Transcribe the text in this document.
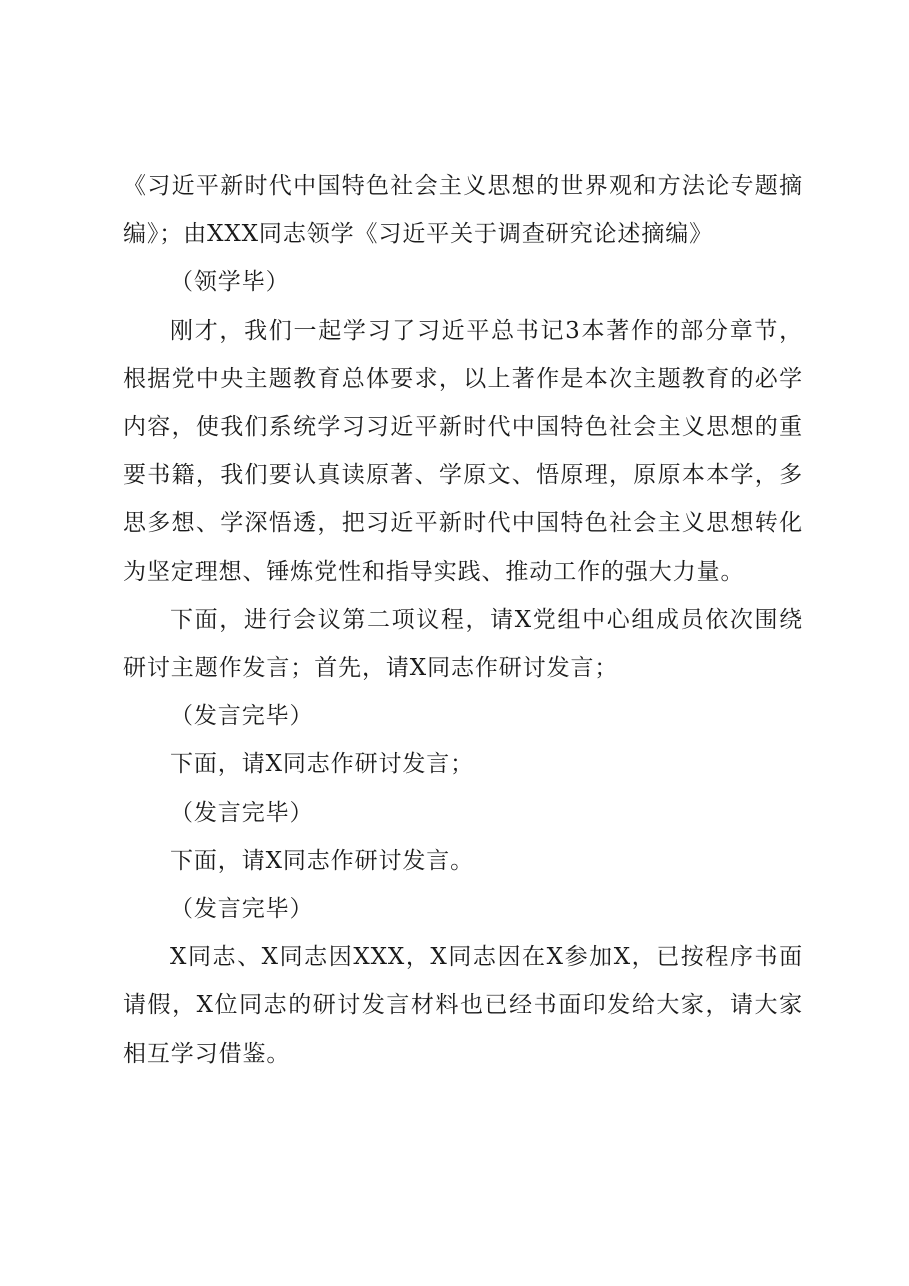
《习近平新时代中国特色社会主义思想的世界观和方法论专题摘编》；由XXX同志领学《习近平关于调查研究论述摘编》

（领学毕）

刚才，我们一起学习了习近平总书记3本著作的部分章节，根据党中央主题教育总体要求，以上著作是本次主题教育的必学内容，使我们系统学习习近平新时代中国特色社会主义思想的重要书籍，我们要认真读原著、学原文、悟原理，原原本本学，多思多想、学深悟透，把习近平新时代中国特色社会主义思想转化为坚定理想、锤炼党性和指导实践、推动工作的强大力量。

下面，进行会议第二项议程，请X党组中心组成员依次围绕研讨主题作发言；首先，请X同志作研讨发言；

（发言完毕）

下面，请X同志作研讨发言；

（发言完毕）

下面，请X同志作研讨发言。

（发言完毕）

X同志、X同志因XXX，X同志因在X参加X，已按程序书面请假，X位同志的研讨发言材料也已经书面印发给大家，请大家相互学习借鉴。
